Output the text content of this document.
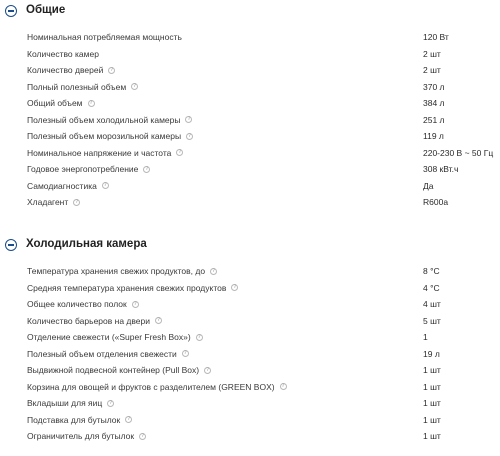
Общие
Номинальная потребляемая мощность	120 Вт
Количество камер	2 шт
Количество дверей ?	2 шт
Полный полезный объем ?	370 л
Общий объем ?	384 л
Полезный объем холодильной камеры ?	251 л
Полезный объем морозильной камеры ?	119 л
Номинальное напряжение и частота ?	220-230 В ~ 50 Гц
Годовое энергопотребление ?	308 кВт.ч
Самодиагностика ?	Да
Хладагент ?	R600a
Холодильная камера
Температура хранения свежих продуктов, до ?	8 °С
Средняя температура хранения свежих продуктов ?	4 °С
Общее количество полок ?	4 шт
Количество барьеров на двери ?	5 шт
Отделение свежести («Super Fresh Box») ?	1
Полезный объем отделения свежести ?	19 л
Выдвижной подвесной контейнер (Pull Box) ?	1 шт
Корзина для овощей и фруктов с разделителем (GREEN BOX) ?	1 шт
Вкладыши для яиц ?	1 шт
Подставка для бутылок ?	1 шт
Ограничитель для бутылок ?	1 шт
